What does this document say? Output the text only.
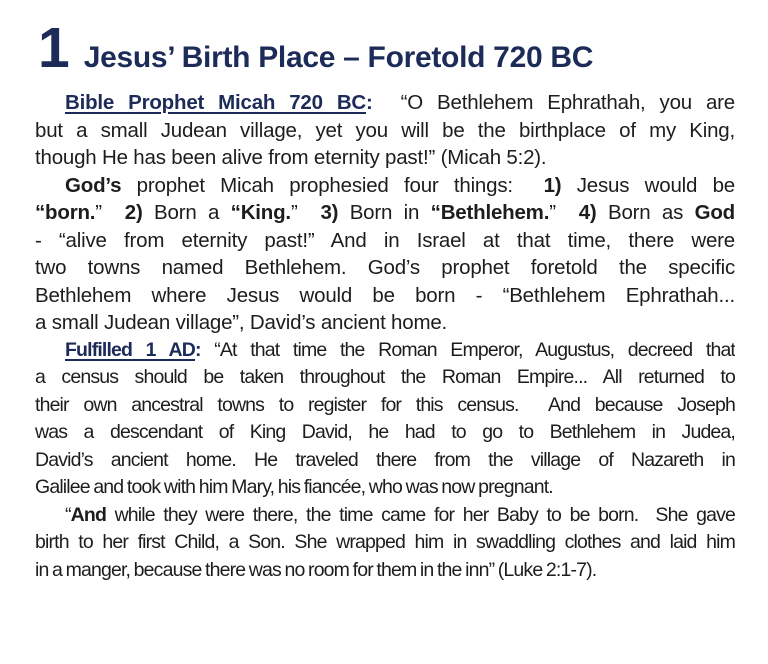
1 Jesus’ Birth Place – Foretold 720 BC
Bible Prophet Micah 720 BC:  “O Bethlehem Ephrathah, you are
but a small Judean village, yet you will be the birthplace of my King,
though He has been alive from eternity past!” (Micah 5:2).
God’s prophet Micah prophesied four things:  1) Jesus would be
“born.”  2) Born a “King.”  3) Born in “Bethlehem.”  4) Born as God
- “alive from eternity past!” And in Israel at that time, there were
two towns named Bethlehem. God’s prophet foretold the specific
Bethlehem where Jesus would be born - “Bethlehem Ephrathah...
a small Judean village”, David’s ancient home.
Fulfilled 1 AD: “At that time the Roman Emperor, Augustus, decreed that
a census should be taken throughout the Roman Empire... All returned to
their own ancestral towns to register for this census.  And because Joseph
was a descendant of King David, he had to go to Bethlehem in Judea,
David’s ancient home. He traveled there from the village of Nazareth in
Galilee and took with him Mary, his fiancée, who was now pregnant.
“And while they were there, the time came for her Baby to be born.  She gave
birth to her first Child, a Son. She wrapped him in swaddling clothes and laid him
in a manger, because there was no room for them in the inn” (Luke 2:1-7).
